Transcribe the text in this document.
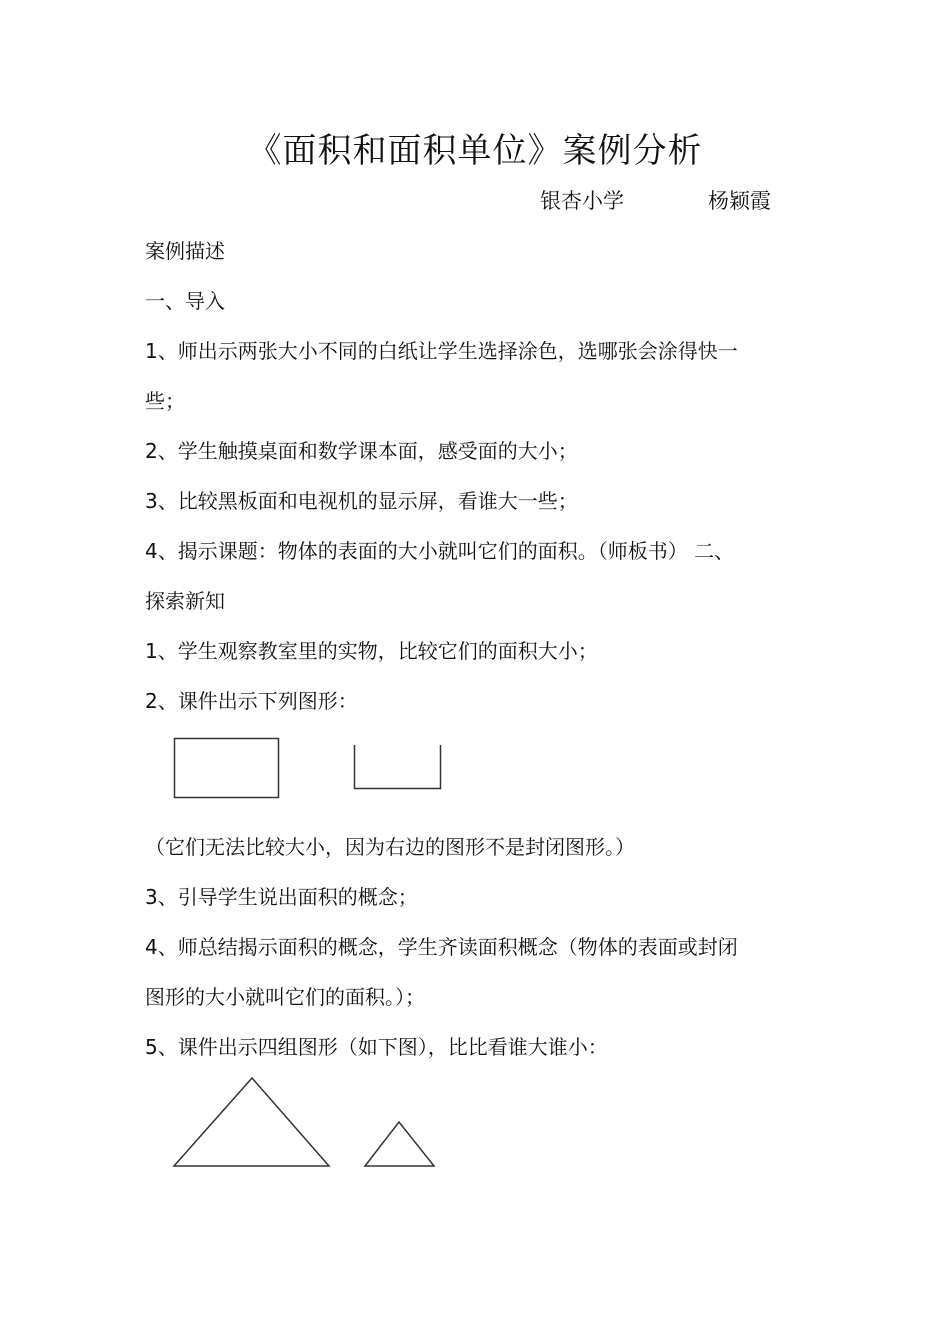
《面积和面积单位》案例分析
银杏小学	杨颖霞
案例描述
一、导入
1、师出示两张大小不同的白纸让学生选择涂色，选哪张会涂得快一
些；
2、学生触摸桌面和数学课本面，感受面的大小；
3、比较黑板面和电视机的显示屏，看谁大一些；
4、揭示课题：物体的表面的大小就叫它们的面积。（师板书） 二、
探索新知
1、学生观察教室里的实物，比较它们的面积大小；
2、课件出示下列图形：
（它们无法比较大小，因为右边的图形不是封闭图形。）
3、引导学生说出面积的概念；
4、师总结揭示面积的概念，学生齐读面积概念（物体的表面或封闭
图形的大小就叫它们的面积。）；
5、课件出示四组图形（如下图），比比看谁大谁小：
